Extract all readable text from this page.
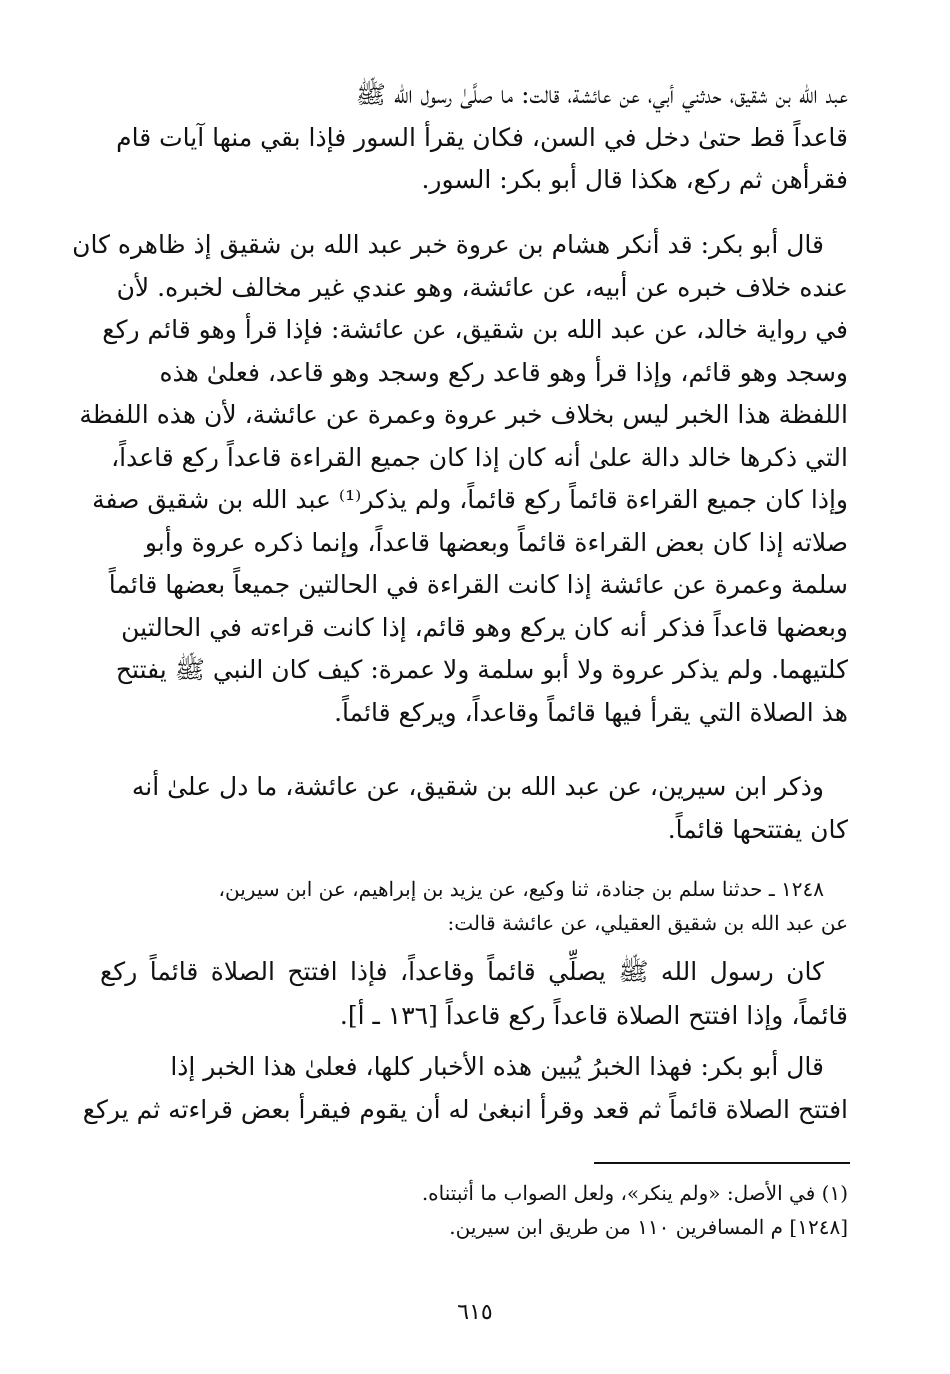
عبد الله بن شقيق، حدثني أبي، عن عائشة، قالت: ما صلَّىٰ رسول الله ﷺ
قاعداً قط حتىٰ دخل في السن، فكان يقرأ السور فإذا بقي منها آيات قام
فقرأهن ثم ركع، هكذا قال أبو بكر: السور.
قال أبو بكر: قد أنكر هشام بن عروة خبر عبد الله بن شقيق إذ ظاهره كان
عنده خلاف خبره عن أبيه، عن عائشة، وهو عندي غير مخالف لخبره. لأن
في رواية خالد، عن عبد الله بن شقيق، عن عائشة: فإذا قرأ وهو قائم ركع
وسجد وهو قائم، وإذا قرأ وهو قاعد ركع وسجد وهو قاعد، فعلىٰ هذه
اللفظة هذا الخبر ليس بخلاف خبر عروة وعمرة عن عائشة، لأن هذه اللفظة
التي ذكرها خالد دالة علىٰ أنه كان إذا كان جميع القراءة قاعداً ركع قاعداً،
وإذا كان جميع القراءة قائماً ركع قائماً، ولم يذكر⁽¹⁾ عبد الله بن شقيق صفة
صلاته إذا كان بعض القراءة قائماً وبعضها قاعداً، وإنما ذكره عروة وأبو
سلمة وعمرة عن عائشة إذا كانت القراءة في الحالتين جميعاً بعضها قائماً
وبعضها قاعداً فذكر أنه كان يركع وهو قائم، إذا كانت قراءته في الحالتين
كلتيهما. ولم يذكر عروة ولا أبو سلمة ولا عمرة: كيف كان النبي ﷺ يفتتح
هذ الصلاة التي يقرأ فيها قائماً وقاعداً، ويركع قائماً.
وذكر ابن سيرين، عن عبد الله بن شقيق، عن عائشة، ما دل علىٰ أنه
كان يفتتحها قائماً.
١٢٤٨ ـ حدثنا سلم بن جنادة، ثنا وكيع، عن يزيد بن إبراهيم، عن ابن سيرين،
عن عبد الله بن شقيق العقيلي، عن عائشة قالت:
كان رسول الله ﷺ يصلِّي قائماً وقاعداً، فإذا افتتح الصلاة قائماً ركع قائماً، وإذا افتتح الصلاة قاعداً ركع قاعداً [١٣٦ ـ أ].
قال أبو بكر: فهذا الخبرُ يُبين هذه الأخبار كلها، فعلىٰ هذا الخبر إذا
افتتح الصلاة قائماً ثم قعد وقرأ انبغىٰ له أن يقوم فيقرأ بعض قراءته ثم يركع
(١) في الأصل: «ولم ينكر»، ولعل الصواب ما أثبتناه.
[١٢٤٨] م المسافرين ١١٠ من طريق ابن سيرين.
٦١٥
